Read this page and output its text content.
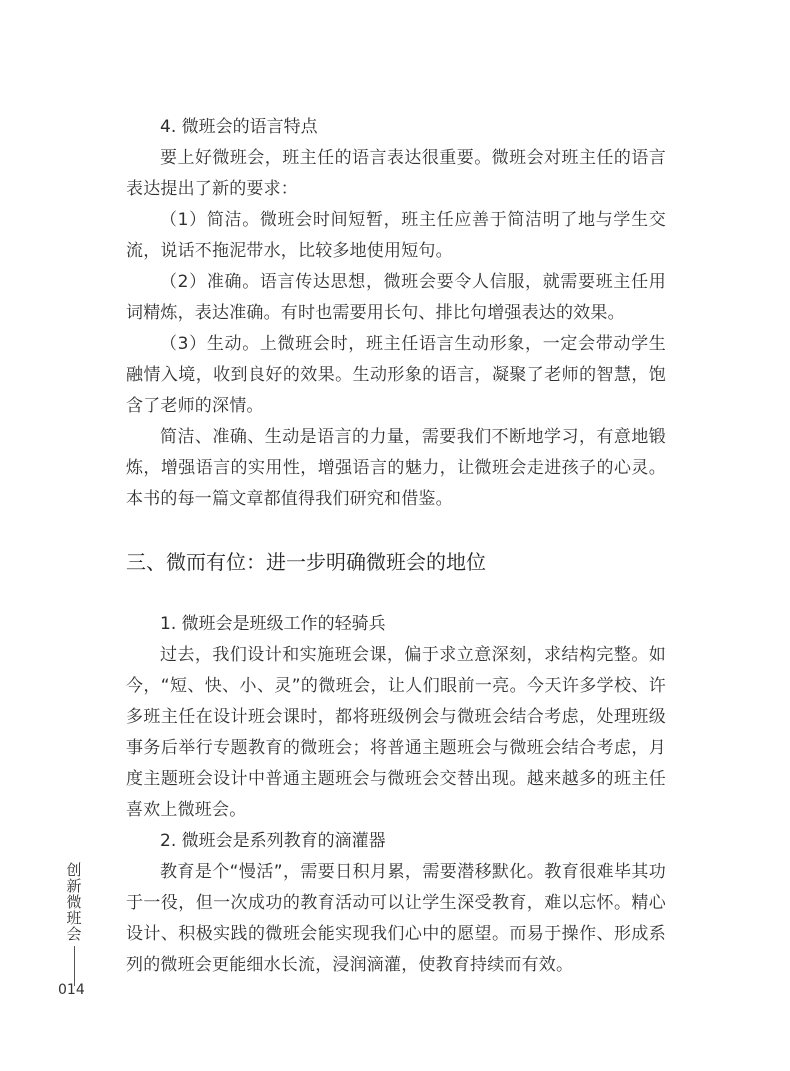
4. 微班会的语言特点

要上好微班会，班主任的语言表达很重要。微班会对班主任的语言表达提出了新的要求：

（1）简洁。微班会时间短暂，班主任应善于简洁明了地与学生交流，说话不拖泥带水，比较多地使用短句。

（2）准确。语言传达思想，微班会要令人信服，就需要班主任用词精炼，表达准确。有时也需要用长句、排比句增强表达的效果。

（3）生动。上微班会时，班主任语言生动形象，一定会带动学生融情入境，收到良好的效果。生动形象的语言，凝聚了老师的智慧，饱含了老师的深情。

简洁、准确、生动是语言的力量，需要我们不断地学习，有意地锻炼，增强语言的实用性，增强语言的魅力，让微班会走进孩子的心灵。本书的每一篇文章都值得我们研究和借鉴。

三、微而有位：进一步明确微班会的地位
1. 微班会是班级工作的轻骑兵

过去，我们设计和实施班会课，偏于求立意深刻，求结构完整。如今，“短、快、小、灵”的微班会，让人们眼前一亮。今天许多学校、许多班主任在设计班会课时，都将班级例会与微班会结合考虑，处理班级事务后举行专题教育的微班会；将普通主题班会与微班会结合考虑，月度主题班会设计中普通主题班会与微班会交替出现。越来越多的班主任喜欢上微班会。

2. 微班会是系列教育的滴灌器

教育是个“慢活”，需要日积月累，需要潜移默化。教育很难毕其功于一役，但一次成功的教育活动可以让学生深受教育，难以忘怀。精心设计、积极实践的微班会能实现我们心中的愿望。而易于操作、形成系列的微班会更能细水长流，浸润滴灌，使教育持续而有效。

创新微班会
014
